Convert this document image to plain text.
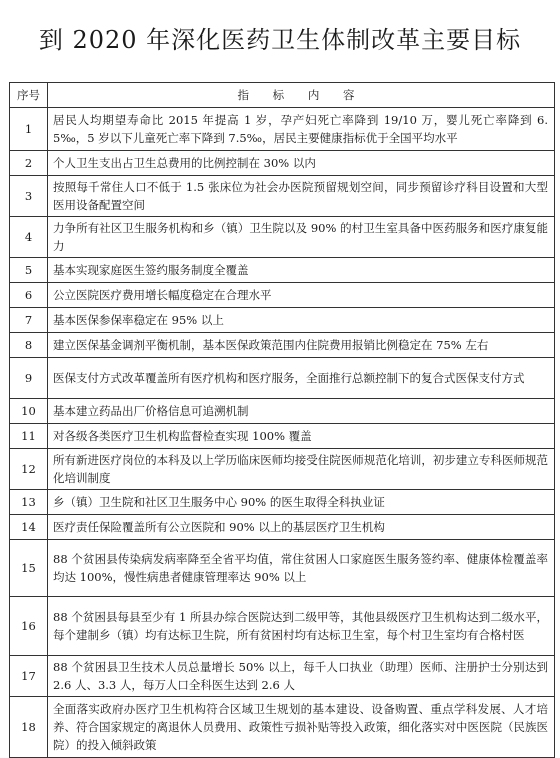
到 2020 年深化医药卫生体制改革主要目标
序号	指 标 内 容
1	居民人均期望寿命比 2015 年提高 1 岁，孕产妇死亡率降到 19/10 万，婴儿死亡率降到 6.5‰，5 岁以下儿童死亡率下降到 7.5‰，居民主要健康指标优于全国平均水平
2	个人卫生支出占卫生总费用的比例控制在 30% 以内
3	按照每千常住人口不低于 1.5 张床位为社会办医院预留规划空间，同步预留诊疗科目设置和大型医用设备配置空间
4	力争所有社区卫生服务机构和乡（镇）卫生院以及 90% 的村卫生室具备中医药服务和医疗康复能力
5	基本实现家庭医生签约服务制度全覆盖
6	公立医院医疗费用增长幅度稳定在合理水平
7	基本医保参保率稳定在 95% 以上
8	建立医保基金调剂平衡机制，基本医保政策范围内住院费用报销比例稳定在 75% 左右
9	医保支付方式改革覆盖所有医疗机构和医疗服务，全面推行总额控制下的复合式医保支付方式
10	基本建立药品出厂价格信息可追溯机制
11	对各级各类医疗卫生机构监督检查实现 100% 覆盖
12	所有新进医疗岗位的本科及以上学历临床医师均接受住院医师规范化培训，初步建立专科医师规范化培训制度
13	乡（镇）卫生院和社区卫生服务中心 90% 的医生取得全科执业证
14	医疗责任保险覆盖所有公立医院和 90% 以上的基层医疗卫生机构
15	88 个贫困县传染病发病率降至全省平均值，常住贫困人口家庭医生服务签约率、健康体检覆盖率均达 100%，慢性病患者健康管理率达 90% 以上
16	88 个贫困县每县至少有 1 所县办综合医院达到二级甲等，其他县级医疗卫生机构达到二级水平，每个建制乡（镇）均有达标卫生院，所有贫困村均有达标卫生室，每个村卫生室均有合格村医
17	88 个贫困县卫生技术人员总量增长 50% 以上，每千人口执业（助理）医师、注册护士分别达到 2.6 人、3.3 人，每万人口全科医生达到 2.6 人
18	全面落实政府办医疗卫生机构符合区域卫生规划的基本建设、设备购置、重点学科发展、人才培养、符合国家规定的离退休人员费用、政策性亏损补贴等投入政策，细化落实对中医医院（民族医院）的投入倾斜政策
